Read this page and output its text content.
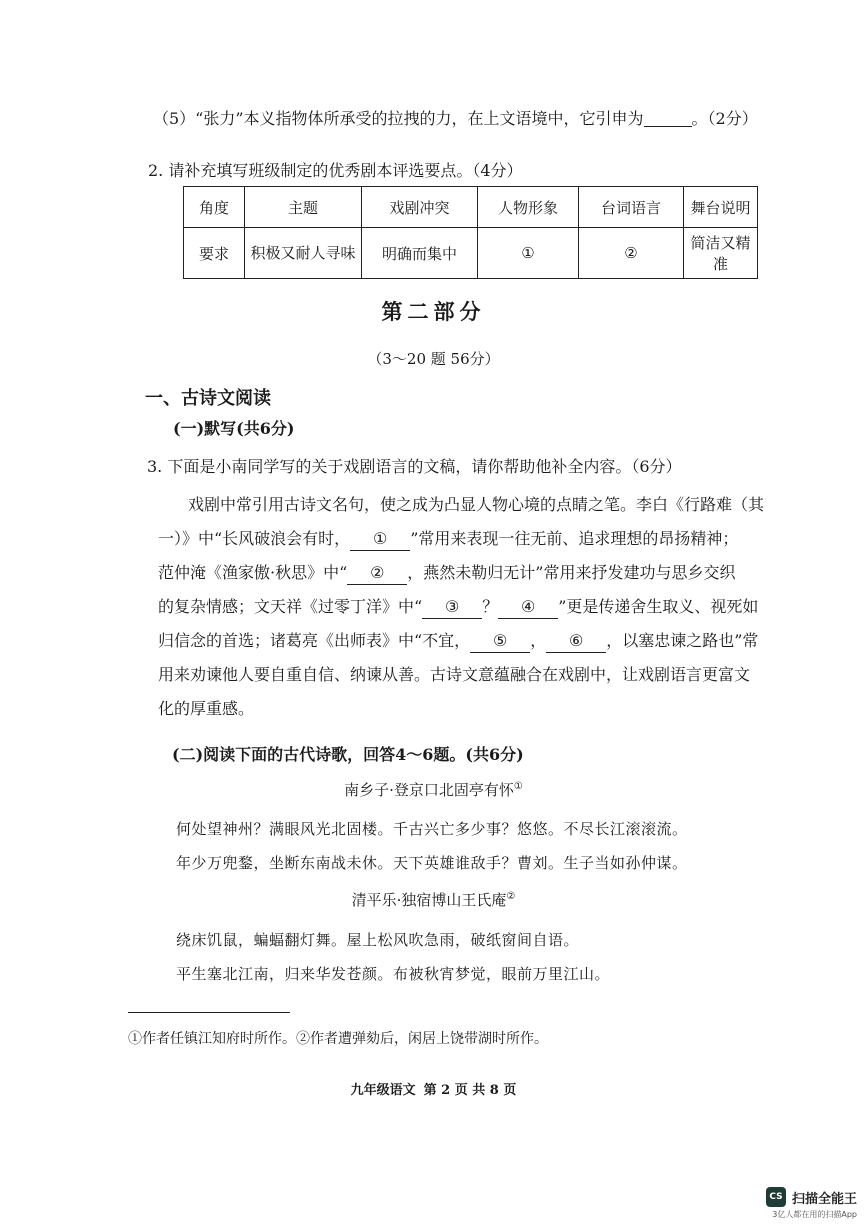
（5）“张力”本义指物体所承受的拉拽的力，在上文语境中，它引申为	。（2分）
2. 请补充填写班级制定的优秀剧本评选要点。（4分）
角度	主题	戏剧冲突	人物形象	台词语言	舞台说明
要求	积极又耐人寻味	明确而集中	①	②	简洁又精准
第二部分
（3～20 题 56分）
一、古诗文阅读
(一)默写(共6分)
3. 下面是小南同学写的关于戏剧语言的文稿，请你帮助他补全内容。（6分）
戏剧中常引用古诗文名句，使之成为凸显人物心境的点睛之笔。李白《行路难（其
一）》中“长风破浪会有时， ① ”常用来表现一往无前、追求理想的昂扬精神；
范仲淹《渔家傲·秋思》中“ ② ，燕然未勒归无计”常用来抒发建功与思乡交织
的复杂情感；文天祥《过零丁洋》中“ ③ ？ ④ ”更是传递舍生取义、视死如
归信念的首选；诸葛亮《出师表》中“不宜， ⑤ ， ⑥ ，以塞忠谏之路也”常
用来劝谏他人要自重自信、纳谏从善。古诗文意蕴融合在戏剧中，让戏剧语言更富文
化的厚重感。
(二)阅读下面的古代诗歌，回答4～6题。(共6分)
南乡子·登京口北固亭有怀①
何处望神州？满眼风光北固楼。千古兴亡多少事？悠悠。不尽长江滚滚流。
年少万兜鍪，坐断东南战未休。天下英雄谁敌手？曹刘。生子当如孙仲谋。
清平乐·独宿博山王氏庵②
绕床饥鼠，蝙蝠翻灯舞。屋上松风吹急雨，破纸窗间自语。
平生塞北江南，归来华发苍颜。布被秋宵梦觉，眼前万里江山。
①作者任镇江知府时所作。②作者遭弹劾后，闲居上饶带湖时所作。
九年级语文 第 2 页 共 8 页
CS 扫描全能王
3亿人都在用的扫描App
